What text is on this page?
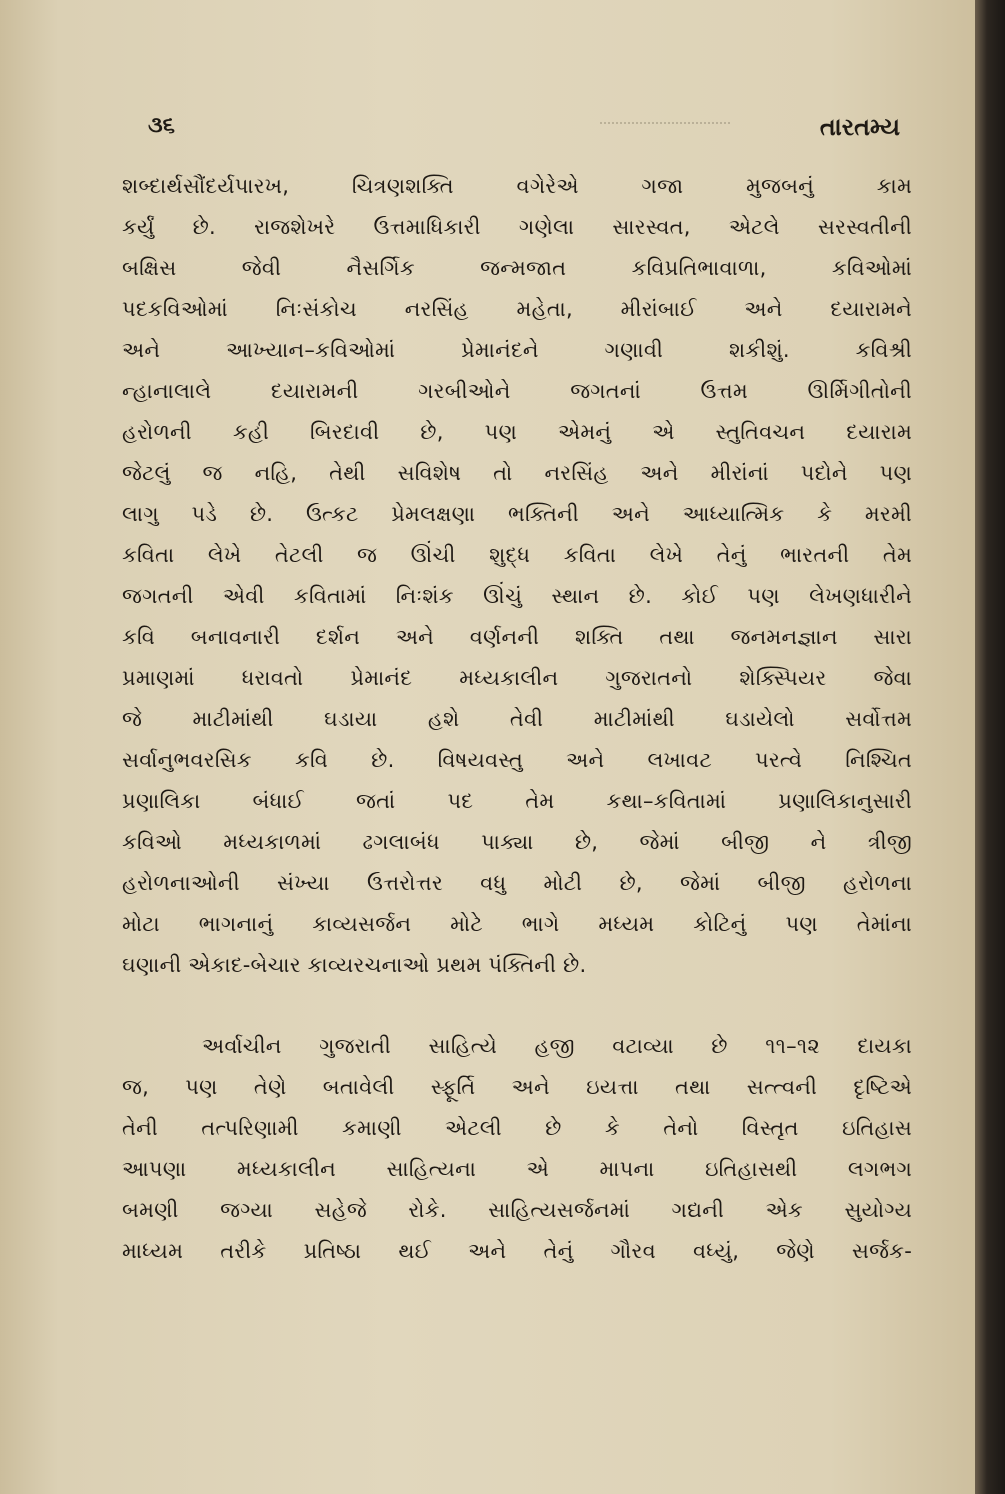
૩૬	તારતમ્ય
શબ્દાર્થસૌંદર્યપારખ, ચિત્રણશક્તિ વગેરેએ ગજા મુજબનું કામ
કર્યું છે. રાજશેખરે ઉત્તમાધિકારી ગણેલા સારસ્વત, એટલે સરસ્વતીની
બક્ષિસ જેવી નૈસર્ગિક જન્મજાત કવિપ્રતિભાવાળા, કવિઓમાં
પદકવિઓમાં નિઃસંકોચ નરસિંહ મહેતા, મીરાંબાઈ અને દયારામને
અને આખ્યાન–કવિઓમાં પ્રેમાનંદને ગણાવી શકીશું. કવિશ્રી
ન્હાનાલાલે દયારામની ગરબીઓને જગતનાં ઉત્તમ ઊર્મિગીતોની
હરોળની કહી બિરદાવી છે, પણ એમનું એ સ્તુતિવચન દયારામ
જેટલું જ નહિ, તેથી સવિશેષ તો નરસિંહ અને મીરાંનાં પદોને પણ
લાગુ પડે છે. ઉત્કટ પ્રેમલક્ષણા ભક્તિની અને આધ્યાત્મિક કે મરમી
કવિતા લેખે તેટલી જ ઊંચી શુદ્ધ કવિતા લેખે તેનું ભારતની તેમ
જગતની એવી કવિતામાં નિઃશંક ઊંચું સ્થાન છે. કોઈ પણ લેખણધારીને
કવિ બનાવનારી દર્શન અને વર્ણનની શક્તિ તથા જનમનજ્ઞાન સારા
પ્રમાણમાં ધરાવતો પ્રેમાનંદ મધ્યકાલીન ગુજરાતનો શેક્સ્પિયર જેવા
જે માટીમાંથી ઘડાયા હશે તેવી માટીમાંથી ઘડાયેલો સર્વોત્તમ
સર્વાનુભવરસિક કવિ છે. વિષયવસ્તુ અને લખાવટ પરત્વે નિશ્ચિત
પ્રણાલિકા બંધાઈ જતાં પદ તેમ કથા–કવિતામાં પ્રણાલિકાનુસારી
કવિઓ મધ્યકાળમાં ઢગલાબંધ પાક્યા છે, જેમાં બીજી ને ત્રીજી
હરોળનાઓની સંખ્યા ઉત્તરોત્તર વધુ મોટી છે, જેમાં બીજી હરોળના
મોટા ભાગનાનું કાવ્યસર્જન મોટે ભાગે મધ્યમ કોટિનું પણ તેમાંના
ઘણાની એકાદ-બેચાર કાવ્યરચનાઓ પ્રથમ પંક્તિની છે.
અર્વાચીન ગુજરાતી સાહિત્યે હજી વટાવ્યા છે ૧૧–૧૨ દાયકા
જ, પણ તેણે બતાવેલી સ્ફૂર્તિ અને ઇયત્તા તથા સત્ત્વની દૃષ્ટિએ
તેની તત્પરિણામી કમાણી એટલી છે કે તેનો વિસ્તૃત ઇતિહાસ
આપણા મધ્યકાલીન સાહિત્યના એ માપના ઇતિહાસથી લગભગ
બમણી જગ્યા સહેજે રોકે. સાહિત્યસર્જનમાં ગદ્યની એક સુયોગ્ય
માધ્યમ તરીકે પ્રતિષ્ઠા થઈ અને તેનું ગૌરવ વધ્યું, જેણે સર્જક-
